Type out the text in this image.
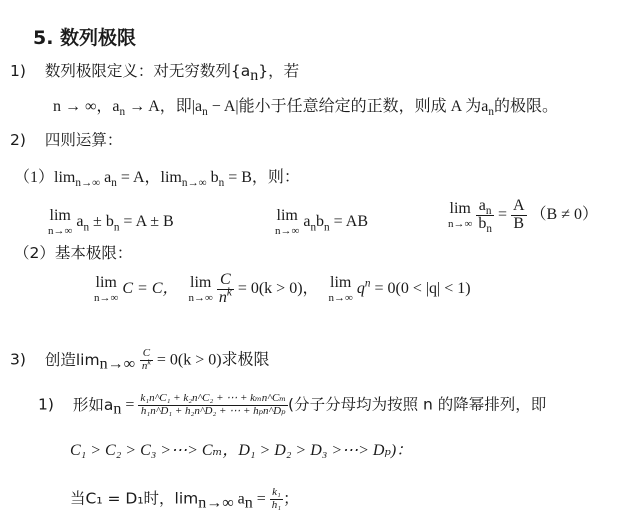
5. 数列极限
1) 数列极限定义：对无穷数列$\{a_n\}$，若
n → ∞，$a_n \to A$，即$|a_n - A|$能小于任意给定的正数，则成 A 为$a_n$的极限。
2) 四则运算：
$(1)\lim_{n\to\infty}$ $a_n = A$，$\lim_{n\to\infty} b_n = B$，则：
lim
n→∞
$a_n \pm b_n = A \pm B$	lim
n→∞
$a_nb_n$ = AB
lim
n→∞
$\frac{a_n}{b_n} = \frac{A}{B} (B \ne 0)$
（2）基本极限：
lim
n→∞
C = C， lim
n→∞
$\frac{C}{n^k} = 0(k > 0)$， lim
n→∞
$q^n = 0(0 < |q| < 1)$
3) 创造$\lim_{n\to\infty} \frac{C}{n^k} = 0(k > 0)$求极限
1) 形如$a_n$ = k₁n^C₁ + k₂n^C₂ + ⋯ + kₘn^Cₘ
h₁n^D₁ + h₂n^D₂ + ⋯ + hₚn^Dₚ (分子分母均为按照 n 的降幂排列，即
C₁ > C₂ > C₃ >⋯> Cₘ，D₁ > D₂ > D₃ >⋯> Dₚ)：
当C₁ = D₁时，$\lim_{n\to\infty} a_n = \frac{\text{k₁}}{\text{h₁}}$ ；
